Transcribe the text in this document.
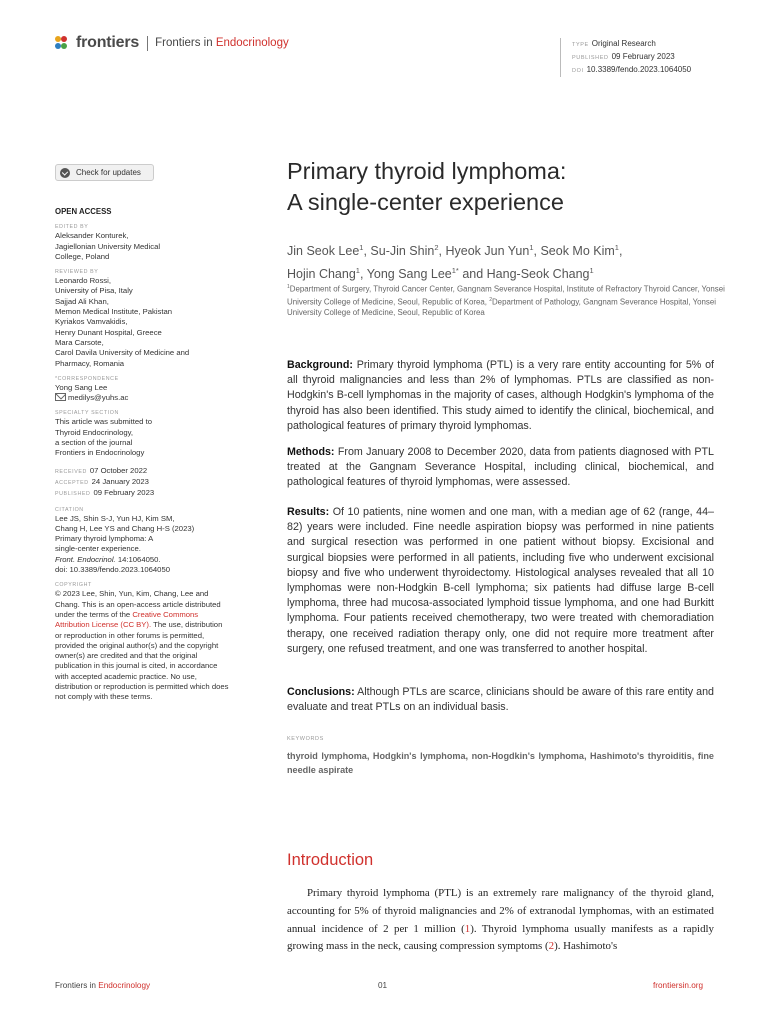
frontiers Frontiers in Endocrinology	TYPE Original Research
PUBLISHED 09 February 2023
DOI 10.3389/fendo.2023.1064050
Check for updates
OPEN ACCESS
EDITED BY
Aleksander Konturek,
Jagiellonian University Medical
College, Poland
REVIEWED BY
Leonardo Rossi,
University of Pisa, Italy
Sajjad Ali Khan,
Memon Medical Institute, Pakistan
Kyriakos Vamvakidis,
Henry Dunant Hospital, Greece
Mara Carsote,
Carol Davila University of Medicine and
Pharmacy, Romania
*CORRESPONDENCE
Yong Sang Lee
medilys@yuhs.ac
SPECIALTY SECTION
This article was submitted to
Thyroid Endocrinology,
a section of the journal
Frontiers in Endocrinology
RECEIVED 07 October 2022
ACCEPTED 24 January 2023
PUBLISHED 09 February 2023
CITATION
Lee JS, Shin S-J, Yun HJ, Kim SM,
Chang H, Lee YS and Chang H-S (2023)
Primary thyroid lymphoma: A
single-center experience.
Front. Endocrinol. 14:1064050.
doi: 10.3389/fendo.2023.1064050
COPYRIGHT
© 2023 Lee, Shin, Yun, Kim, Chang, Lee and Chang. This is an open-access article distributed under the terms of the Creative Commons Attribution License (CC BY). The use, distribution or reproduction in other forums is permitted, provided the original author(s) and the copyright owner(s) are credited and that the original publication in this journal is cited, in accordance with accepted academic practice. No use, distribution or reproduction is permitted which does not comply with these terms.
Primary thyroid lymphoma:
A single-center experience
Jin Seok Lee$^1$, Su-Jin Shin$^2$, Hyeok Jun Yun$^1$, Seok Mo Kim$^1$,
Hojin Chang$^1$, Yong Sang Lee$^{1*}$ and Hang-Seok Chang$^1$
$^1$Department of Surgery, Thyroid Cancer Center, Gangnam Severance Hospital, Institute of Refractory Thyroid Cancer, Yonsei University College of Medicine, Seoul, Republic of Korea, $^2$Department of Pathology, Gangnam Severance Hospital, Yonsei University College of Medicine, Seoul, Republic of Korea

Background: Primary thyroid lymphoma (PTL) is a very rare entity accounting for 5% of all thyroid malignancies and less than 2% of lymphomas. PTLs are classified as non-Hodgkin's B-cell lymphomas in the majority of cases, although Hodgkin's lymphoma of the thyroid has also been identified. This study aimed to identify the clinical, biochemical, and pathological features of primary thyroid lymphomas.

Methods: From January 2008 to December 2020, data from patients diagnosed with PTL treated at the Gangnam Severance Hospital, including clinical, biochemical, and pathological features of thyroid lymphomas, were assessed.

Results: Of 10 patients, nine women and one man, with a median age of 62 (range, 44–82) years were included. Fine needle aspiration biopsy was performed in nine patients and surgical resection was performed in one patient without biopsy. Excisional and surgical biopsies were performed in all patients, including five who underwent excisional biopsy and five who underwent thyroidectomy. Histological analyses revealed that all 10 lymphomas were non-Hodgkin B-cell lymphoma; six patients had diffuse large B-cell lymphoma, three had mucosa-associated lymphoid tissue lymphoma, and one had Burkitt lymphoma. Four patients received chemotherapy, two were treated with chemoradiation therapy, one received radiation therapy only, one did not require more treatment after surgery, one refused treatment, and one was transferred to another hospital.

Conclusions: Although PTLs are scarce, clinicians should be aware of this rare entity and evaluate and treat PTLs on an individual basis.

KEYWORDS

thyroid lymphoma, Hodgkin's lymphoma, non-Hogdkin's lymphoma, Hashimoto's thyroiditis, fine needle aspirate

Introduction

Primary thyroid lymphoma (PTL) is an extremely rare malignancy of the thyroid gland, accounting for 5% of thyroid malignancies and 2% of extranodal lymphomas, with an estimated annual incidence of 2 per 1 million (1). Thyroid lymphoma usually manifests as a rapidly growing mass in the neck, causing compression symptoms (2). Hashimoto's

Frontiers in Endocrinology	01	frontiersin.org
